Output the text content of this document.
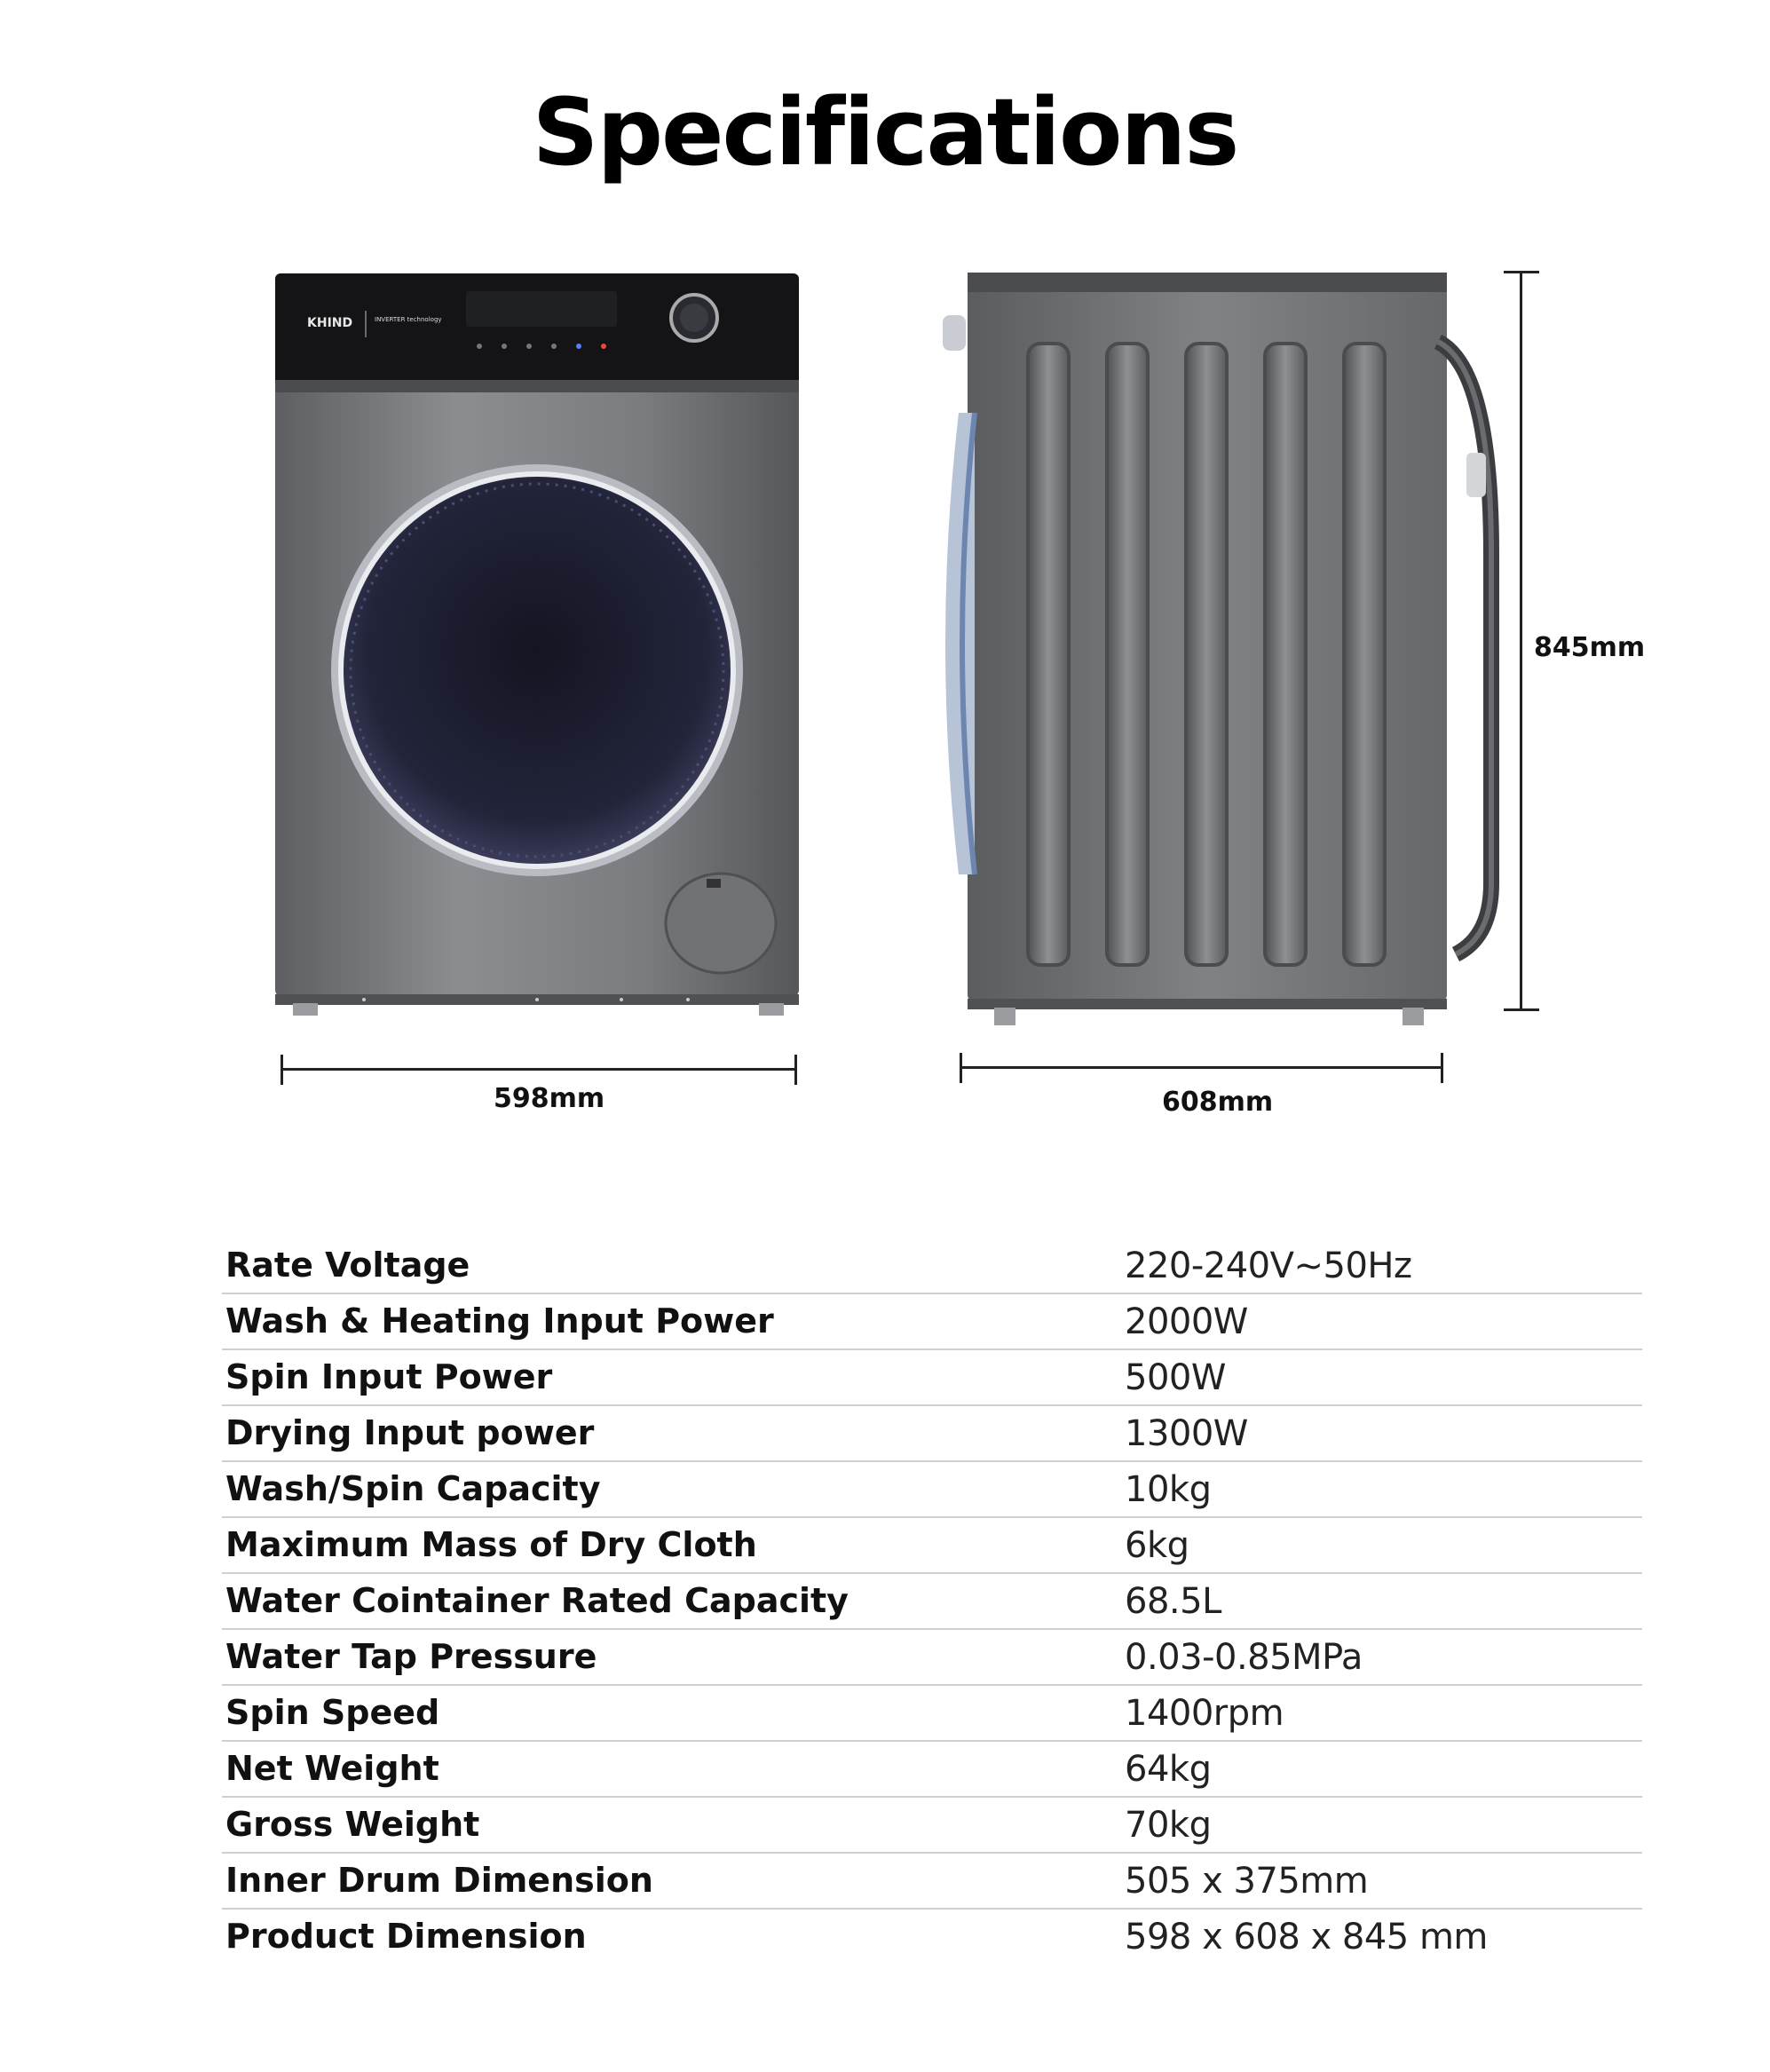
Specifications
KHIND	INVERTER technology
598mm	608mm
845mm
Rate Voltage	220-240V~50Hz
Wash & Heating Input Power	2000W
Spin Input Power	500W
Drying Input power	1300W
Wash/Spin Capacity	10kg
Maximum Mass of Dry Cloth	6kg
Water Cointainer Rated Capacity	68.5L
Water Tap Pressure	0.03-0.85MPa
Spin Speed	1400rpm
Net Weight	64kg
Gross Weight	70kg
Inner Drum Dimension	505 x 375mm
Product Dimension	598 x 608 x 845 mm
